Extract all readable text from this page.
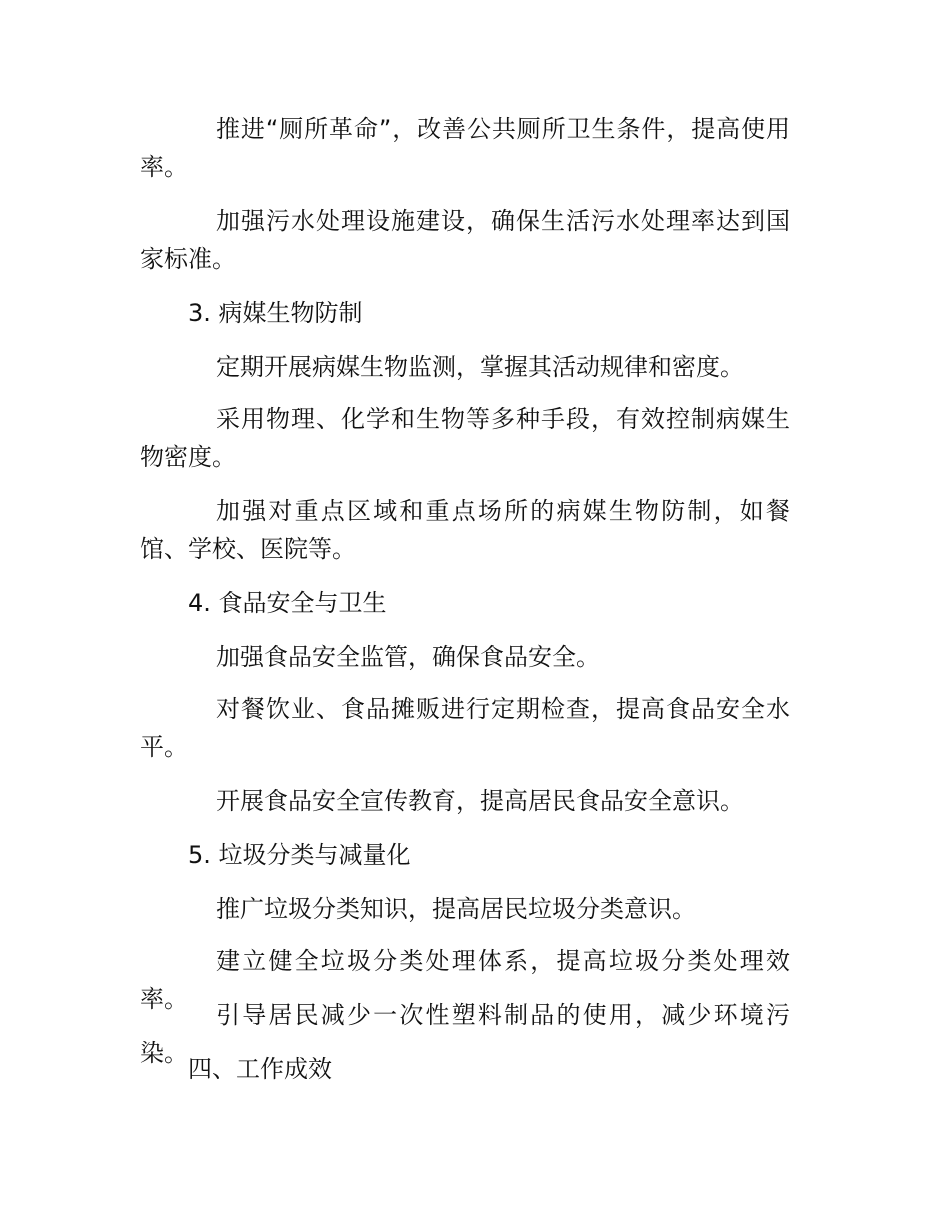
推进“厕所革命”，改善公共厕所卫生条件，提高使用率。

加强污水处理设施建设，确保生活污水处理率达到国家标准。

3. 病媒生物防制

定期开展病媒生物监测，掌握其活动规律和密度。

采用物理、化学和生物等多种手段，有效控制病媒生物密度。

加强对重点区域和重点场所的病媒生物防制，如餐馆、学校、医院等。

4. 食品安全与卫生

加强食品安全监管，确保食品安全。

对餐饮业、食品摊贩进行定期检查，提高食品安全水平。

开展食品安全宣传教育，提高居民食品安全意识。

5. 垃圾分类与减量化

推广垃圾分类知识，提高居民垃圾分类意识。

建立健全垃圾分类处理体系，提高垃圾分类处理效率。

引导居民减少一次性塑料制品的使用，减少环境污染。

四、工作成效
